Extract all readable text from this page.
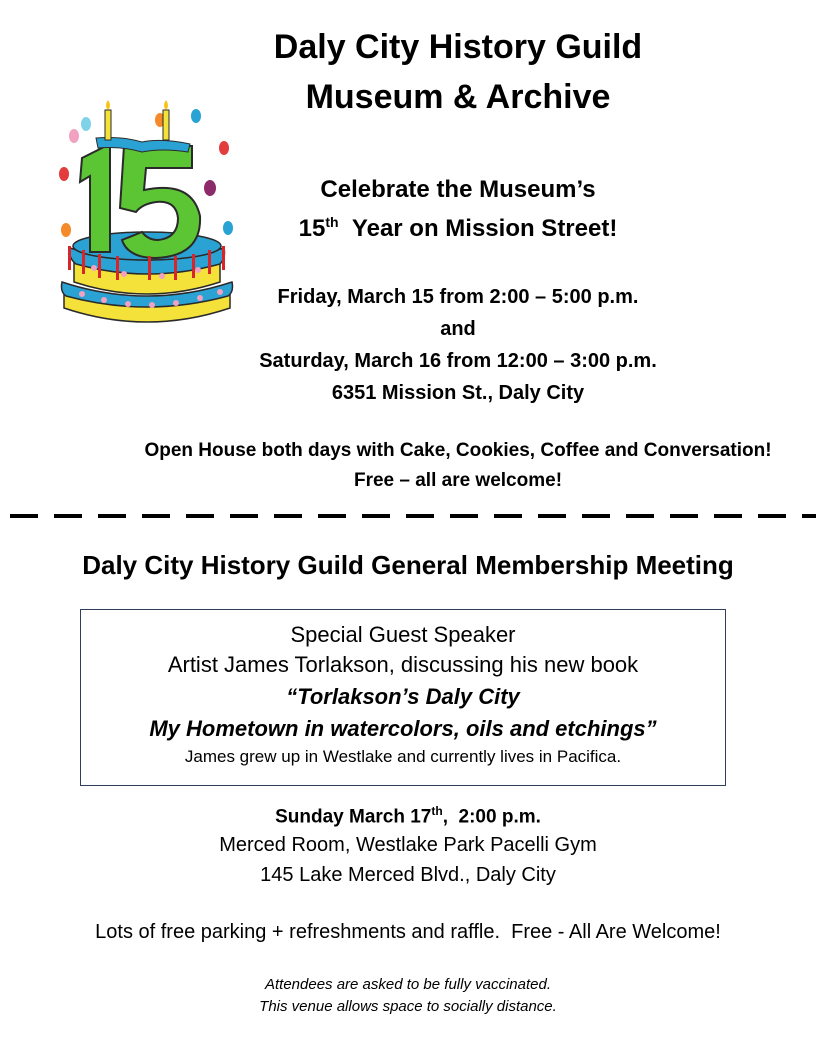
Daly City History Guild
Museum & Archive
Celebrate the Museum’s
15th Year on Mission Street!
Friday, March 15 from 2:00 – 5:00 p.m.
and
Saturday, March 16 from 12:00 – 3:00 p.m.
6351 Mission St., Daly City
Open House both days with Cake, Cookies, Coffee and Conversation!
Free – all are welcome!
Daly City History Guild General Membership Meeting
Special Guest Speaker
Artist James Torlakson, discussing his new book
“Torlakson’s Daly City
My Hometown in watercolors, oils and etchings”
James grew up in Westlake and currently lives in Pacifica.
Sunday March 17th,  2:00 p.m.
Merced Room, Westlake Park Pacelli Gym
145 Lake Merced Blvd., Daly City
Lots of free parking + refreshments and raffle.  Free - All Are Welcome!
Attendees are asked to be fully vaccinated.
This venue allows space to socially distance.
